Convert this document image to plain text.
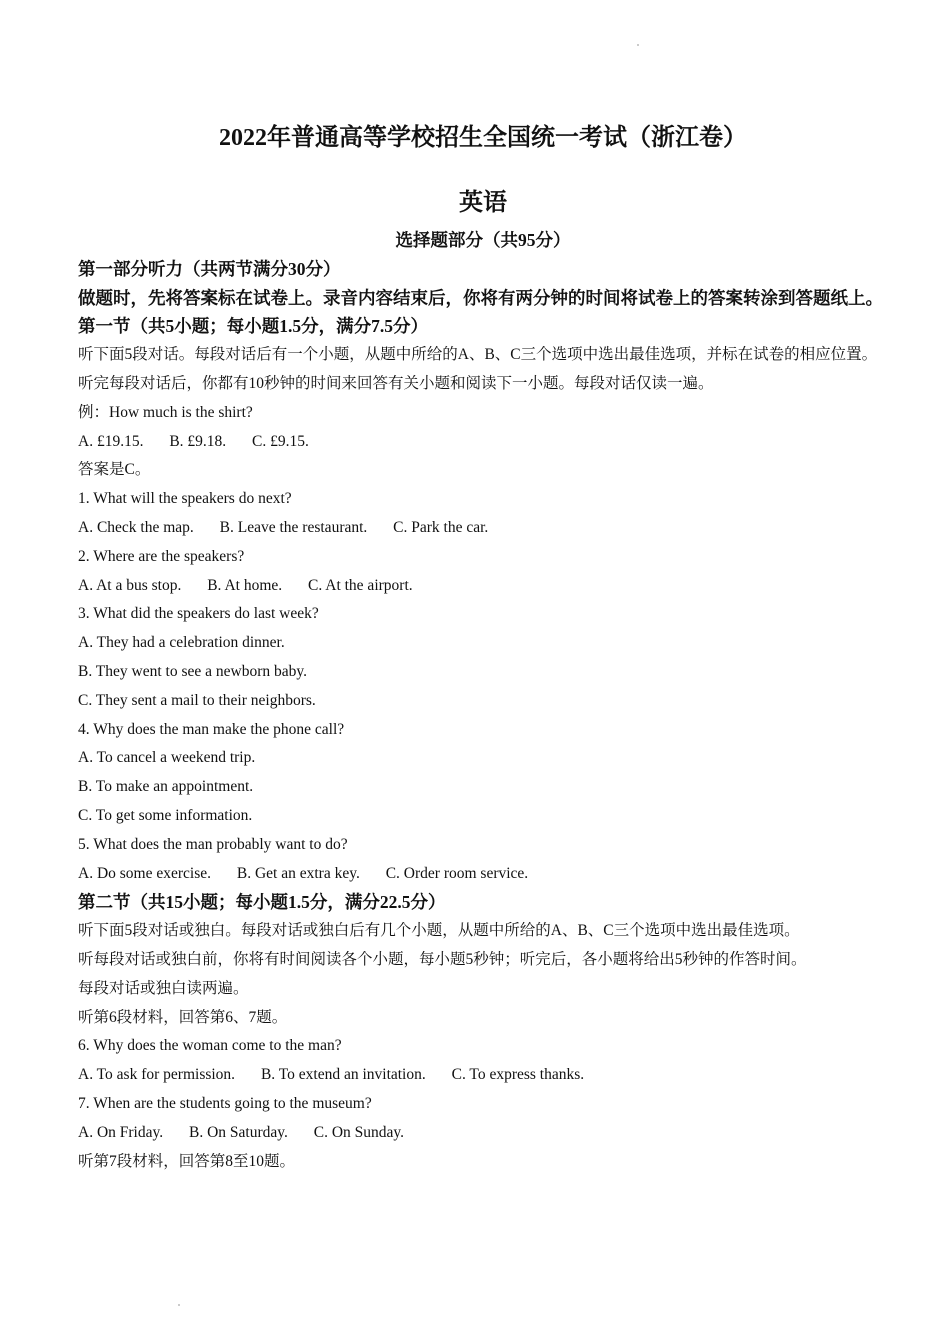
2022年普通高等学校招生全国统一考试（浙江卷）
英语
选择题部分（共95分）
第一部分听力（共两节满分30分）
做题时，先将答案标在试卷上。录音内容结束后，你将有两分钟的时间将试卷上的答案转涂到答题纸上。
第一节（共5小题；每小题1.5分，满分7.5分）
听下面5段对话。每段对话后有一个小题，从题中所给的A、B、C三个选项中选出最佳选项，并标在试卷的相应位置。听完每段对话后，你都有10秒钟的时间来回答有关小题和阅读下一小题。每段对话仅读一遍。
例：How much is the shirt?
A. £19.15. B. £9.18. C. £9.15.
答案是C。
1. What will the speakers do next?
A. Check the map. B. Leave the restaurant. C. Park the car.
2. Where are the speakers?
A. At a bus stop. B. At home. C. At the airport.
3. What did the speakers do last week?
A. They had a celebration dinner.
B. They went to see a newborn baby.
C. They sent a mail to their neighbors.
4. Why does the man make the phone call?
A. To cancel a weekend trip.
B. To make an appointment.
C. To get some information.
5. What does the man probably want to do?
A. Do some exercise. B. Get an extra key. C. Order room service.
第二节（共15小题；每小题1.5分，满分22.5分）
听下面5段对话或独白。每段对话或独白后有几个小题，从题中所给的A、B、C三个选项中选出最佳选项。
听每段对话或独白前，你将有时间阅读各个小题，每小题5秒钟；听完后，各小题将给出5秒钟的作答时间。
每段对话或独白读两遍。
听第6段材料，回答第6、7题。
6. Why does the woman come to the man?
A. To ask for permission. B. To extend an invitation. C. To express thanks.
7. When are the students going to the museum?
A. On Friday. B. On Saturday. C. On Sunday.
听第7段材料，回答第8至10题。
